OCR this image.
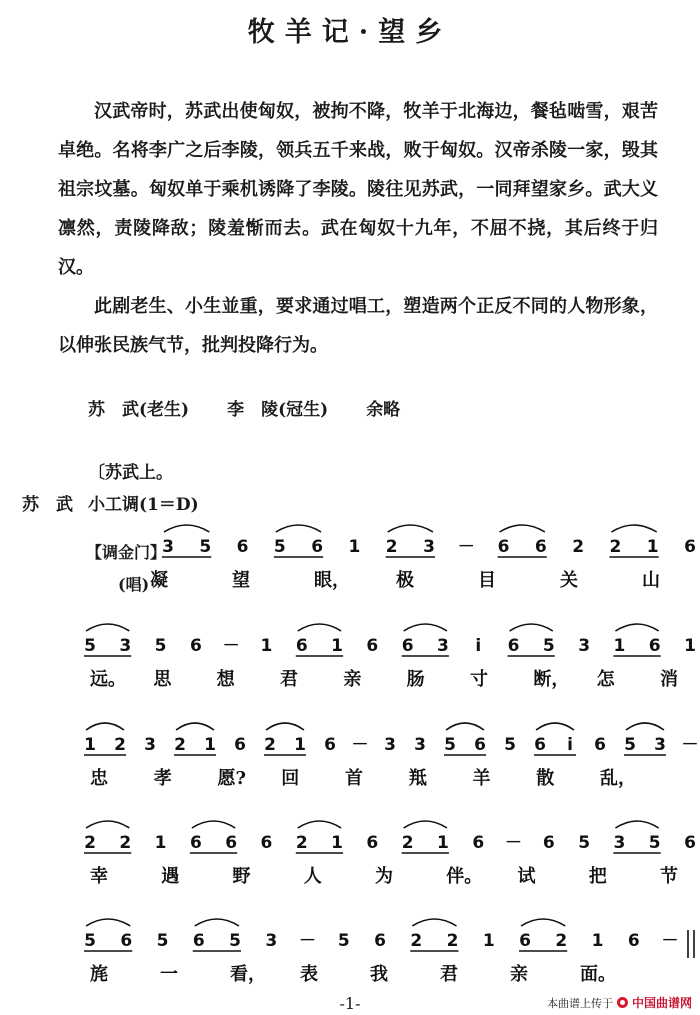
牧羊记·望乡

汉武帝时，苏武出使匈奴，被拘不降，牧羊于北海边，餐毡啮雪，艰苦卓绝。名将李广之后李陵，领兵五千来战，败于匈奴。汉帝杀陵一家，毁其祖宗坟墓。匈奴单于乘机诱降了李陵。陵往见苏武，一同拜望家乡。武大义凛然，责陵降敌；陵羞惭而去。武在匈奴十九年，不屈不挠，其后终于归汉。

此剧老生、小生並重，要求通过唱工，塑造两个正反不同的人物形象，以伸张民族气节，批判投降行为。

苏　武(老生) 李　陵(冠生) 余略
〔苏武上。
苏　武 小工调(1＝D)
【调金门】
(唱)
3 5 6 5 6 1 2 3 － 6 6 2 2 1 6
凝	望	眼，	极	目	关	山
5 3 5 6 － 1 6 1 6 6 3 i 6 5 3 1 6 1
远。 思	想	君	亲	肠	寸	断， 怎	消
1 2 3 2 1 6 2 1 6 － 3 3 5 6 5 6 i 6 5 3 －
忠	孝	愿? 回	首	羝	羊	散	乱，
2 2 1 6 6 6 2 1 6 2 1 6 － 6 5 3 5 6
幸	遇	野	人	为	伴。 试	把	节
5 6 5 6 5 3 － 5 6 2 2 1 6 2 1 6 －
旄	一	看， 表	我	君	亲	面。
-1-	本曲谱上传于 中国曲谱网
